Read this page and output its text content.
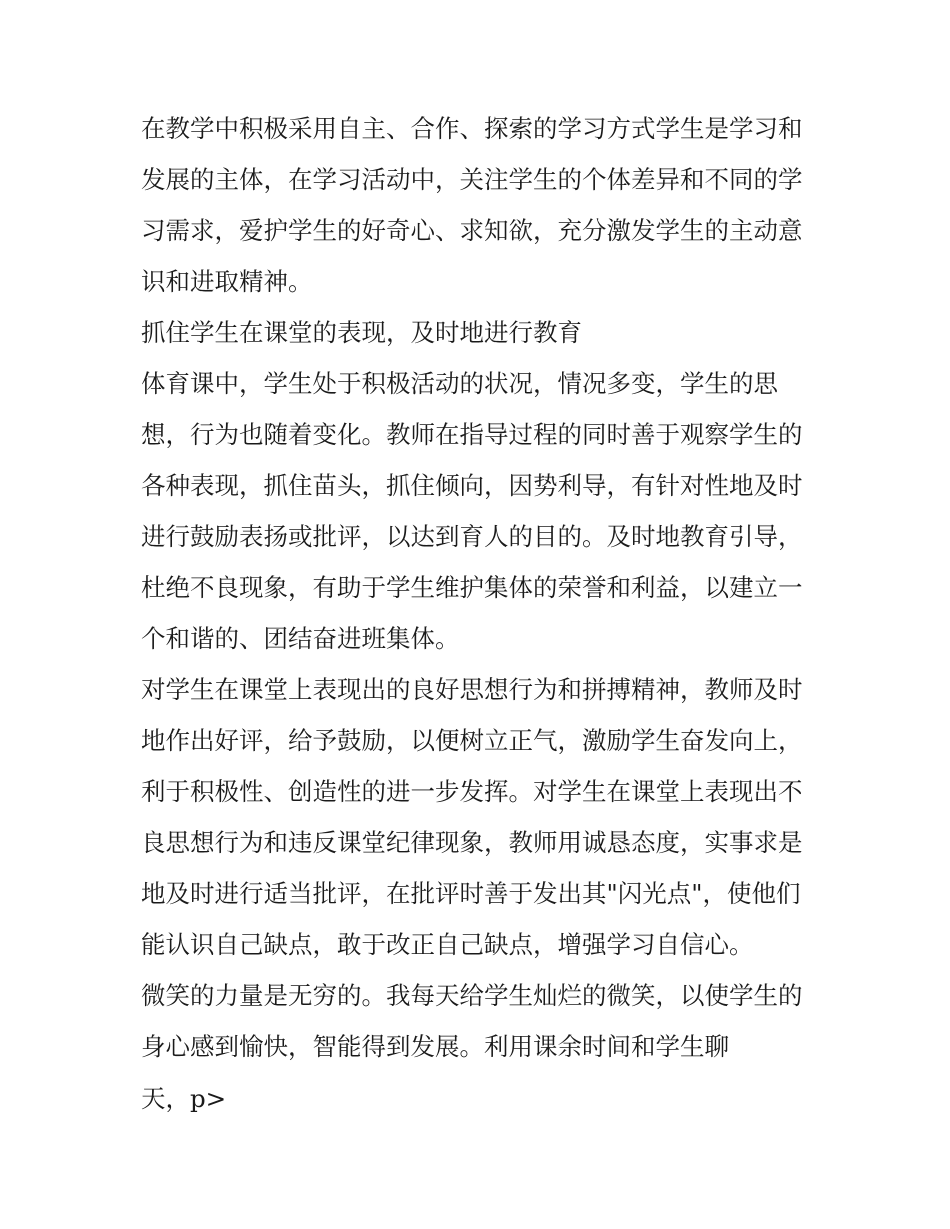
在教学中积极采用自主、合作、探索的学习方式学生是学习和
发展的主体，在学习活动中，关注学生的个体差异和不同的学
习需求，爱护学生的好奇心、求知欲，充分激发学生的主动意
识和进取精神。
抓住学生在课堂的表现，及时地进行教育
体育课中，学生处于积极活动的状况，情况多变，学生的思
想，行为也随着变化。教师在指导过程的同时善于观察学生的
各种表现，抓住苗头，抓住倾向，因势利导，有针对性地及时
进行鼓励表扬或批评，以达到育人的目的。及时地教育引导，
杜绝不良现象，有助于学生维护集体的荣誉和利益，以建立一
个和谐的、团结奋进班集体。
对学生在课堂上表现出的良好思想行为和拼搏精神，教师及时
地作出好评，给予鼓励，以便树立正气，激励学生奋发向上，
利于积极性、创造性的进一步发挥。对学生在课堂上表现出不
良思想行为和违反课堂纪律现象，教师用诚恳态度，实事求是
地及时进行适当批评，在批评时善于发出其"闪光点"，使他们
能认识自己缺点，敢于改正自己缺点，增强学习自信心。
微笑的力量是无穷的。我每天给学生灿烂的微笑，以使学生的
身心感到愉快，智能得到发展。利用课余时间和学生聊
天，p>
